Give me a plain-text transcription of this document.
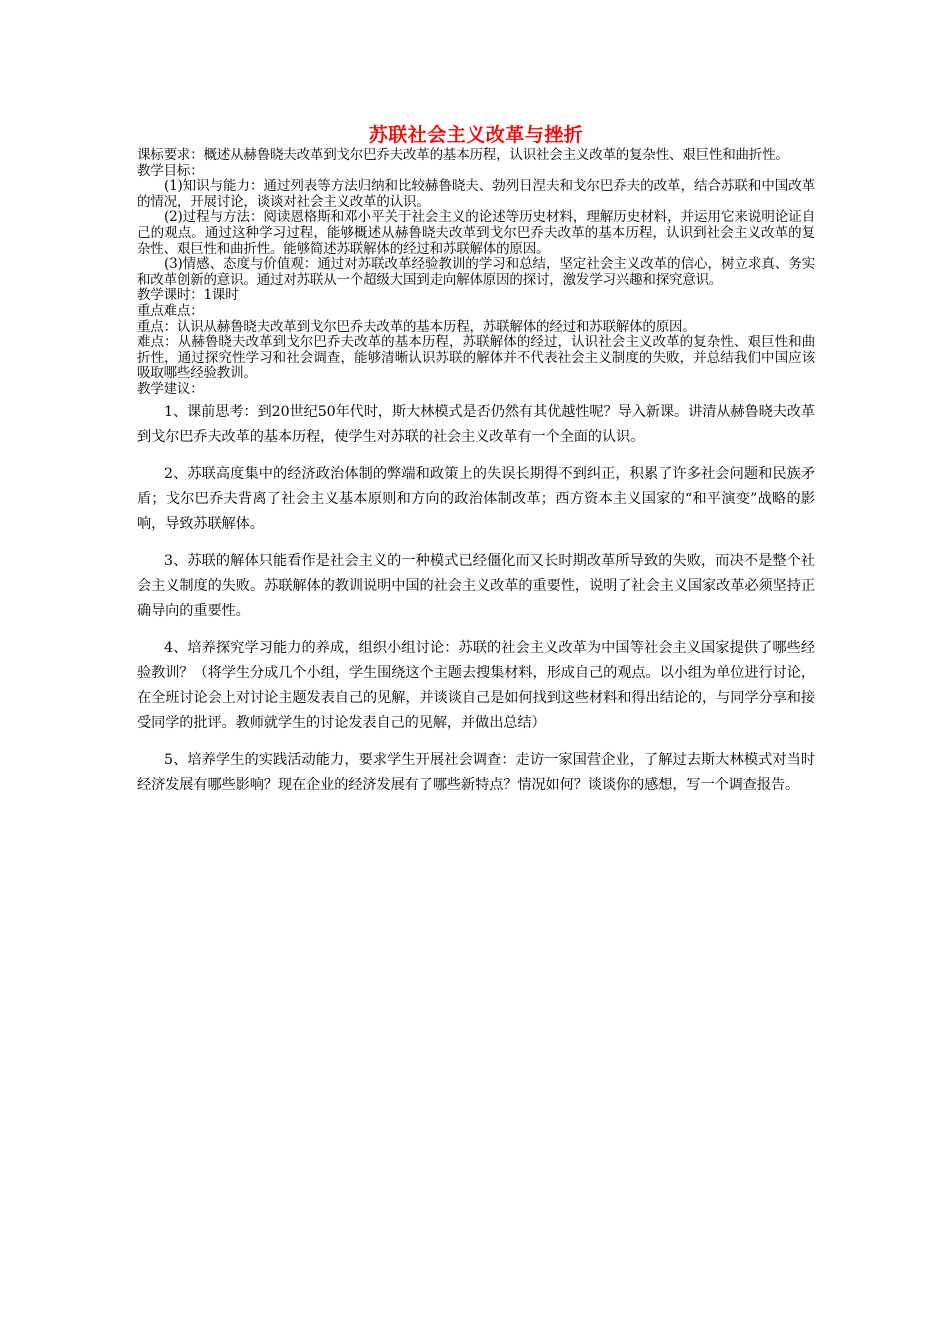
苏联社会主义改革与挫折

课标要求：概述从赫鲁晓夫改革到戈尔巴乔夫改革的基本历程，认识社会主义改革的复杂性、艰巨性和曲折性。

教学目标：

(1)知识与能力：通过列表等方法归纳和比较赫鲁晓夫、勃列日涅夫和戈尔巴乔夫的改革，结合苏联和中国改革的情况，开展讨论，谈谈对社会主义改革的认识。

(2)过程与方法：阅读恩格斯和邓小平关于社会主义的论述等历史材料，理解历史材料，并运用它来说明论证自己的观点。通过这种学习过程，能够概述从赫鲁晓夫改革到戈尔巴乔夫改革的基本历程，认识到社会主义改革的复杂性、艰巨性和曲折性。能够简述苏联解体的经过和苏联解体的原因。

(3)情感、态度与价值观：通过对苏联改革经验教训的学习和总结，坚定社会主义改革的信心，树立求真、务实和改革创新的意识。通过对苏联从一个超级大国到走向解体原因的探讨，激发学习兴趣和探究意识。

教学课时：1课时

重点难点：

重点：认识从赫鲁晓夫改革到戈尔巴乔夫改革的基本历程，苏联解体的经过和苏联解体的原因。

难点：从赫鲁晓夫改革到戈尔巴乔夫改革的基本历程，苏联解体的经过，认识社会主义改革的复杂性、艰巨性和曲折性，通过探究性学习和社会调查，能够清晰认识苏联的解体并不代表社会主义制度的失败，并总结我们中国应该吸取哪些经验教训。

教学建议：

1、课前思考：到20世纪50年代时，斯大林模式是否仍然有其优越性呢？导入新课。讲清从赫鲁晓夫改革到戈尔巴乔夫改革的基本历程，使学生对苏联的社会主义改革有一个全面的认识。

2、苏联高度集中的经济政治体制的弊端和政策上的失误长期得不到纠正，积累了许多社会问题和民族矛盾；戈尔巴乔夫背离了社会主义基本原则和方向的政治体制改革；西方资本主义国家的“和平演变”战略的影响，导致苏联解体。

3、苏联的解体只能看作是社会主义的一种模式已经僵化而又长时期改革所导致的失败，而决不是整个社会主义制度的失败。苏联解体的教训说明中国的社会主义改革的重要性，说明了社会主义国家改革必须坚持正确导向的重要性。

4、培养探究学习能力的养成，组织小组讨论：苏联的社会主义改革为中国等社会主义国家提供了哪些经验教训？（将学生分成几个小组，学生围绕这个主题去搜集材料，形成自己的观点。以小组为单位进行讨论，在全班讨论会上对讨论主题发表自己的见解，并谈谈自己是如何找到这些材料和得出结论的，与同学分享和接受同学的批评。教师就学生的讨论发表自己的见解，并做出总结）

5、培养学生的实践活动能力，要求学生开展社会调查：走访一家国营企业，了解过去斯大林模式对当时经济发展有哪些影响？现在企业的经济发展有了哪些新特点？情况如何？谈谈你的感想，写一个调查报告。
